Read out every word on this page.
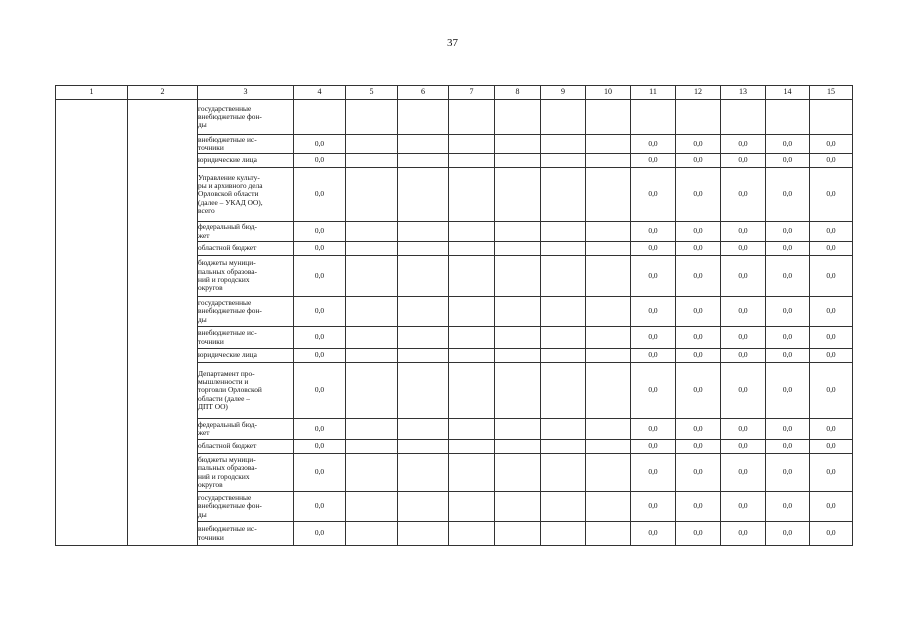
37
1	2	3	4	5	6	7	8	9	10	11	12	13	14	15

		государственные
внебюджетные фон-
ды												

		внебюджетные ис-
точники	0,0							0,0	0,0	0,0	0,0	0,0

		юридические лица	0,0							0,0	0,0	0,0	0,0	0,0

		Управление культу-
ры и архивного дела
Орловской области
(далее – УКАД ОО),
всего	0,0							0,0	0,0	0,0	0,0	0,0

		федеральный бюд-
жет	0,0							0,0	0,0	0,0	0,0	0,0

		областной бюджет	0,0							0,0	0,0	0,0	0,0	0,0

		бюджеты муници-
пальных образова-
ний и городских
округов	0,0							0,0	0,0	0,0	0,0	0,0

		государственные
внебюджетные фон-
ды	0,0							0,0	0,0	0,0	0,0	0,0

		внебюджетные ис-
точники	0,0							0,0	0,0	0,0	0,0	0,0

		юридические лица	0,0							0,0	0,0	0,0	0,0	0,0

		Департамент про-
мышленности и
торговли Орловской
области (далее –
ДПТ ОО)	0,0							0,0	0,0	0,0	0,0	0,0

		федеральный бюд-
жет	0,0							0,0	0,0	0,0	0,0	0,0

		областной бюджет	0,0							0,0	0,0	0,0	0,0	0,0

		бюджеты муници-
пальных образова-
ний и городских
округов	0,0							0,0	0,0	0,0	0,0	0,0

		государственные
внебюджетные фон-
ды	0,0							0,0	0,0	0,0	0,0	0,0

		внебюджетные ис-
точники	0,0							0,0	0,0	0,0	0,0	0,0
